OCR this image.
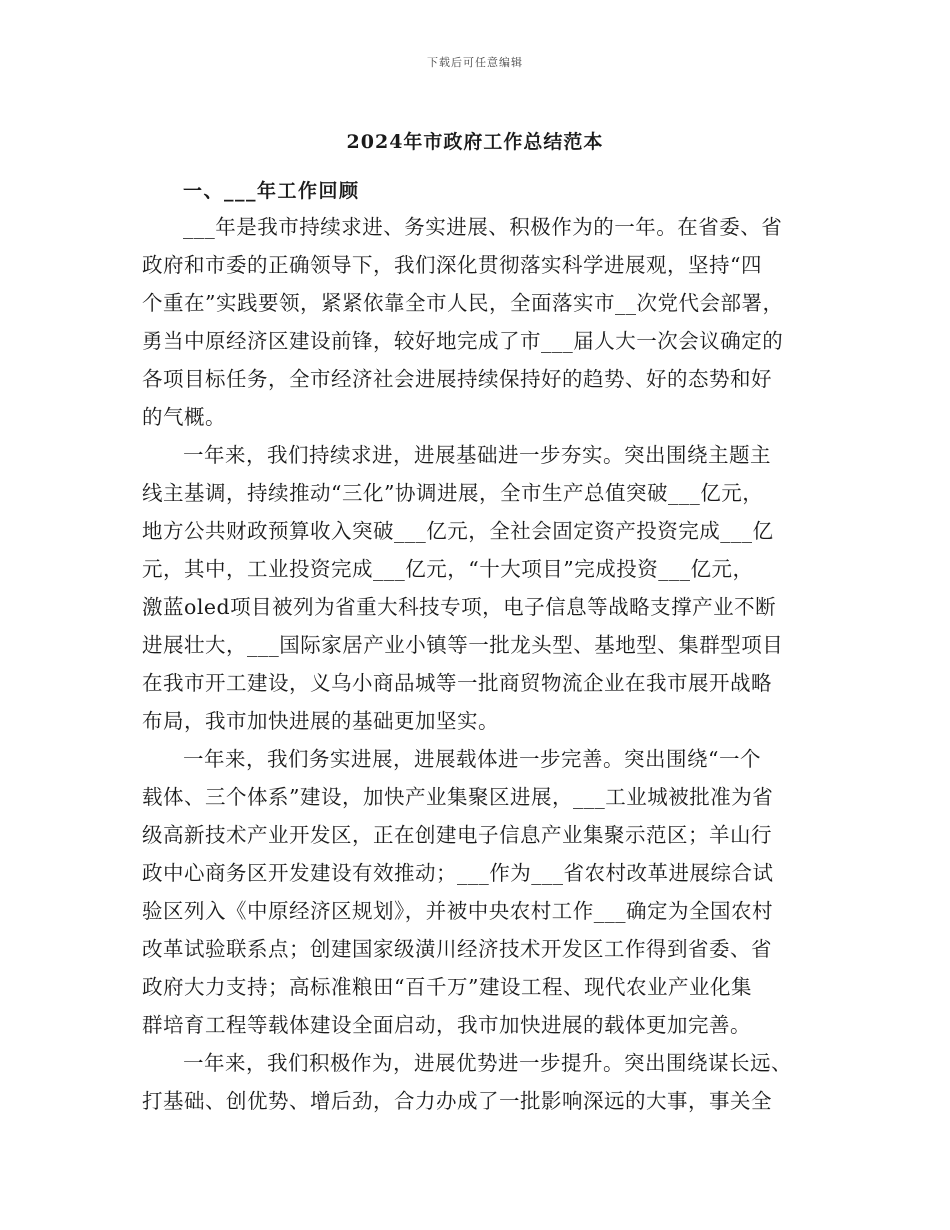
下载后可任意编辑
2024年市政府工作总结范本
一、___年工作回顾

___年是我市持续求进、务实进展、积极作为的一年。在省委、省
政府和市委的正确领导下，我们深化贯彻落实科学进展观，坚持“四
个重在”实践要领，紧紧依靠全市人民，全面落实市__次党代会部署，
勇当中原经济区建设前锋，较好地完成了市___届人大一次会议确定的
各项目标任务，全市经济社会进展持续保持好的趋势、好的态势和好
的气概。

一年来，我们持续求进，进展基础进一步夯实。突出围绕主题主
线主基调，持续推动“三化”协调进展，全市生产总值突破___亿元，
地方公共财政预算收入突破___亿元，全社会固定资产投资完成___亿
元，其中，工业投资完成___亿元，“十大项目”完成投资___亿元，
激蓝oled项目被列为省重大科技专项，电子信息等战略支撑产业不断
进展壮大，___国际家居产业小镇等一批龙头型、基地型、集群型项目
在我市开工建设，义乌小商品城等一批商贸物流企业在我市展开战略
布局，我市加快进展的基础更加坚实。

一年来，我们务实进展，进展载体进一步完善。突出围绕“一个
载体、三个体系”建设，加快产业集聚区进展，___工业城被批准为省
级高新技术产业开发区，正在创建电子信息产业集聚示范区；羊山行
政中心商务区开发建设有效推动；___作为___省农村改革进展综合试
验区列入《中原经济区规划》，并被中央农村工作___确定为全国农村
改革试验联系点；创建国家级潢川经济技术开发区工作得到省委、省
政府大力支持；高标准粮田“百千万”建设工程、现代农业产业化集
群培育工程等载体建设全面启动，我市加快进展的载体更加完善。

一年来，我们积极作为，进展优势进一步提升。突出围绕谋长远、
打基础、创优势、增后劲，合力办成了一批影响深远的大事，事关全
